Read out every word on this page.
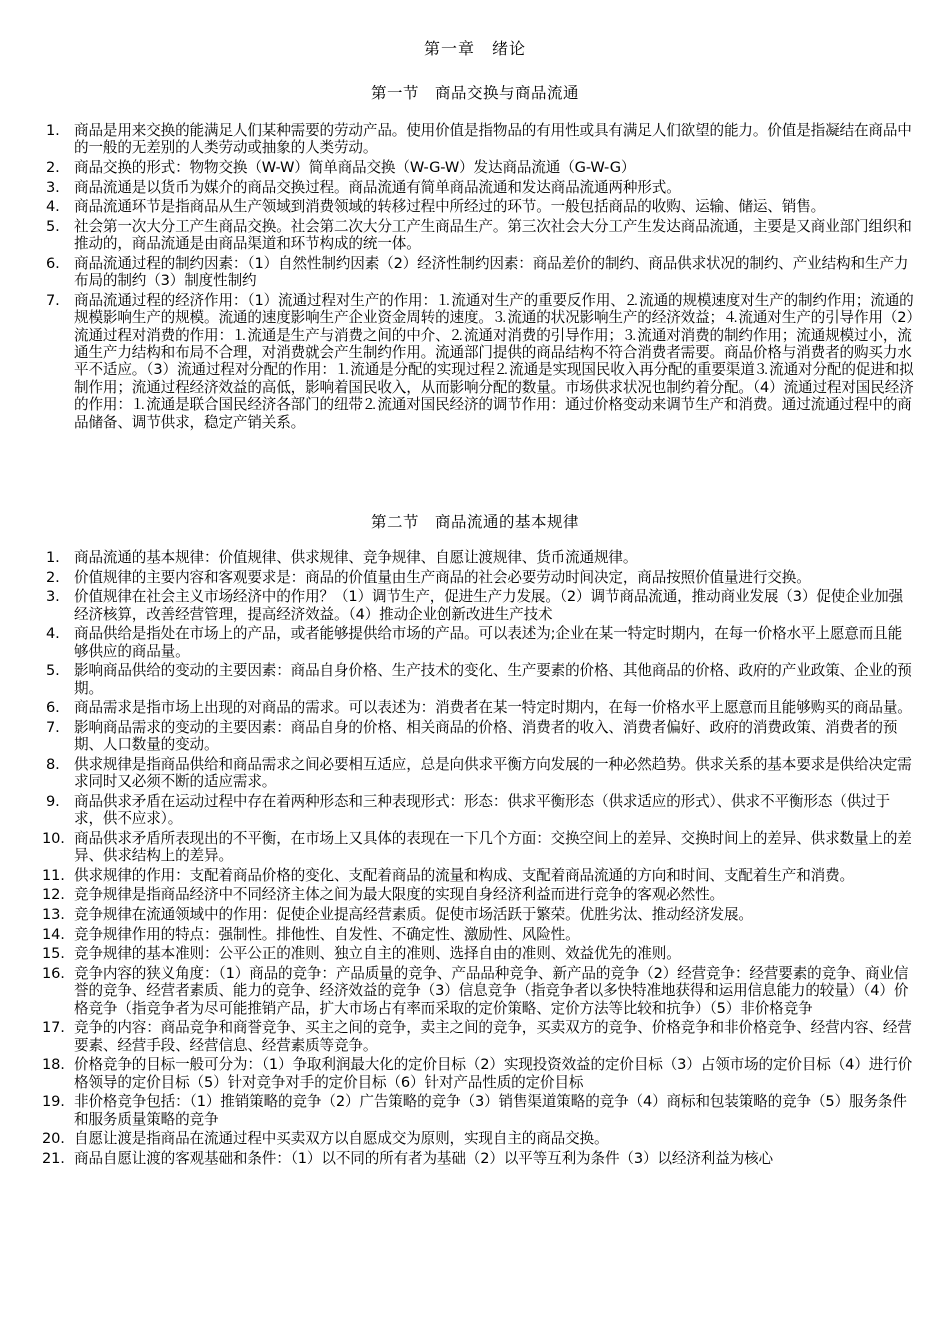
第一章　绪论
第一节　商品交换与商品流通
1. 商品是用来交换的能满足人们某种需要的劳动产品。使用价值是指物品的有用性或具有满足人们欲望的能力。价值是指凝结在商品中的一般的无差别的人类劳动或抽象的人类劳动。
2. 商品交换的形式：物物交换（W-W）简单商品交换（W-G-W）发达商品流通（G-W-G）
3. 商品流通是以货币为媒介的商品交换过程。商品流通有简单商品流通和发达商品流通两种形式。
4. 商品流通环节是指商品从生产领域到消费领域的转移过程中所经过的环节。一般包括商品的收购、运输、储运、销售。
5. 社会第一次大分工产生商品交换。社会第二次大分工产生商品生产。第三次社会大分工产生发达商品流通，主要是又商业部门组织和推动的，商品流通是由商品渠道和环节构成的统一体。
6. 商品流通过程的制约因素：（1）自然性制约因素（2）经济性制约因素：商品差价的制约、商品供求状况的制约、产业结构和生产力布局的制约（3）制度性制约
7. 商品流通过程的经济作用：（1）流通过程对生产的作用：⒈流通对生产的重要反作用、⒉流通的规模速度对生产的制约作用；流通的规模影响生产的规模。流通的速度影响生产企业资金周转的速度。⒊流通的状况影响生产的经济效益；⒋流通对生产的引导作用（2）流通过程对消费的作用：⒈流通是生产与消费之间的中介、⒉流通对消费的引导作用；⒊流通对消费的制约作用；流通规模过小，流通生产力结构和布局不合理，对消费就会产生制约作用。流通部门提供的商品结构不符合消费者需要。商品价格与消费者的购买力水平不适应。（3）流通过程对分配的作用：⒈流通是分配的实现过程⒉流通是实现国民收入再分配的重要渠道⒊流通对分配的促进和拟制作用；流通过程经济效益的高低，影响着国民收入，从而影响分配的数量。市场供求状况也制约着分配。（4）流通过程对国民经济的作用：⒈流通是联合国民经济各部门的纽带⒉流通对国民经济的调节作用：通过价格变动来调节生产和消费。通过流通过程中的商品储备、调节供求，稳定产销关系。
第二节　商品流通的基本规律
1. 商品流通的基本规律：价值规律、供求规律、竞争规律、自愿让渡规律、货币流通规律。
2. 价值规律的主要内容和客观要求是：商品的价值量由生产商品的社会必要劳动时间决定，商品按照价值量进行交换。
3. 价值规律在社会主义市场经济中的作用？（1）调节生产，促进生产力发展。（2）调节商品流通，推动商业发展（3）促使企业加强经济核算，改善经营管理，提高经济效益。（4）推动企业创新改进生产技术
4. 商品供给是指处在市场上的产品，或者能够提供给市场的产品。可以表述为;企业在某一特定时期内，在每一价格水平上愿意而且能够供应的商品量。
5. 影响商品供给的变动的主要因素：商品自身价格、生产技术的变化、生产要素的价格、其他商品的价格、政府的产业政策、企业的预期。
6. 商品需求是指市场上出现的对商品的需求。可以表述为：消费者在某一特定时期内，在每一价格水平上愿意而且能够购买的商品量。
7. 影响商品需求的变动的主要因素：商品自身的价格、相关商品的价格、消费者的收入、消费者偏好、政府的消费政策、消费者的预期、人口数量的变动。
8. 供求规律是指商品供给和商品需求之间必要相互适应，总是向供求平衡方向发展的一种必然趋势。供求关系的基本要求是供给决定需求同时又必须不断的适应需求。
9. 商品供求矛盾在运动过程中存在着两种形态和三种表现形式：形态：供求平衡形态（供求适应的形式）、供求不平衡形态（供过于求，供不应求）。
10. 商品供求矛盾所表现出的不平衡，在市场上又具体的表现在一下几个方面：交换空间上的差异、交换时间上的差异、供求数量上的差异、供求结构上的差异。
11. 供求规律的作用：支配着商品价格的变化、支配着商品的流量和构成、支配着商品流通的方向和时间、支配着生产和消费。
12. 竞争规律是指商品经济中不同经济主体之间为最大限度的实现自身经济利益而进行竞争的客观必然性。
13. 竞争规律在流通领域中的作用：促使企业提高经营素质。促使市场活跃于繁荣。优胜劣汰、推动经济发展。
14. 竞争规律作用的特点：强制性。排他性、自发性、不确定性、激励性、风险性。
15. 竞争规律的基本准则：公平公正的准则、独立自主的准则、选择自由的准则、效益优先的准则。
16. 竞争内容的狭义角度：（1）商品的竞争：产品质量的竞争、产品品种竞争、新产品的竞争（2）经营竞争：经营要素的竞争、商业信誉的竞争、经营者素质、能力的竞争、经济效益的竞争（3）信息竞争（指竞争者以多快特准地获得和运用信息能力的较量）（4）价格竞争（指竞争者为尽可能推销产品，扩大市场占有率而采取的定价策略、定价方法等比较和抗争）（5）非价格竞争
17. 竞争的内容：商品竞争和商誉竞争、买主之间的竞争，卖主之间的竞争，买卖双方的竞争、价格竞争和非价格竞争、经营内容、经营要素、经营手段、经营信息、经营素质等竞争。
18. 价格竞争的目标一般可分为：（1）争取利润最大化的定价目标（2）实现投资效益的定价目标（3）占领市场的定价目标（4）进行价格领导的定价目标（5）针对竞争对手的定价目标（6）针对产品性质的定价目标
19. 非价格竞争包括：（1）推销策略的竞争（2）广告策略的竞争（3）销售渠道策略的竞争（4）商标和包装策略的竞争（5）服务条件和服务质量策略的竞争
20. 自愿让渡是指商品在流通过程中买卖双方以自愿成交为原则，实现自主的商品交换。
21. 商品自愿让渡的客观基础和条件：（1）以不同的所有者为基础（2）以平等互利为条件（3）以经济利益为核心
